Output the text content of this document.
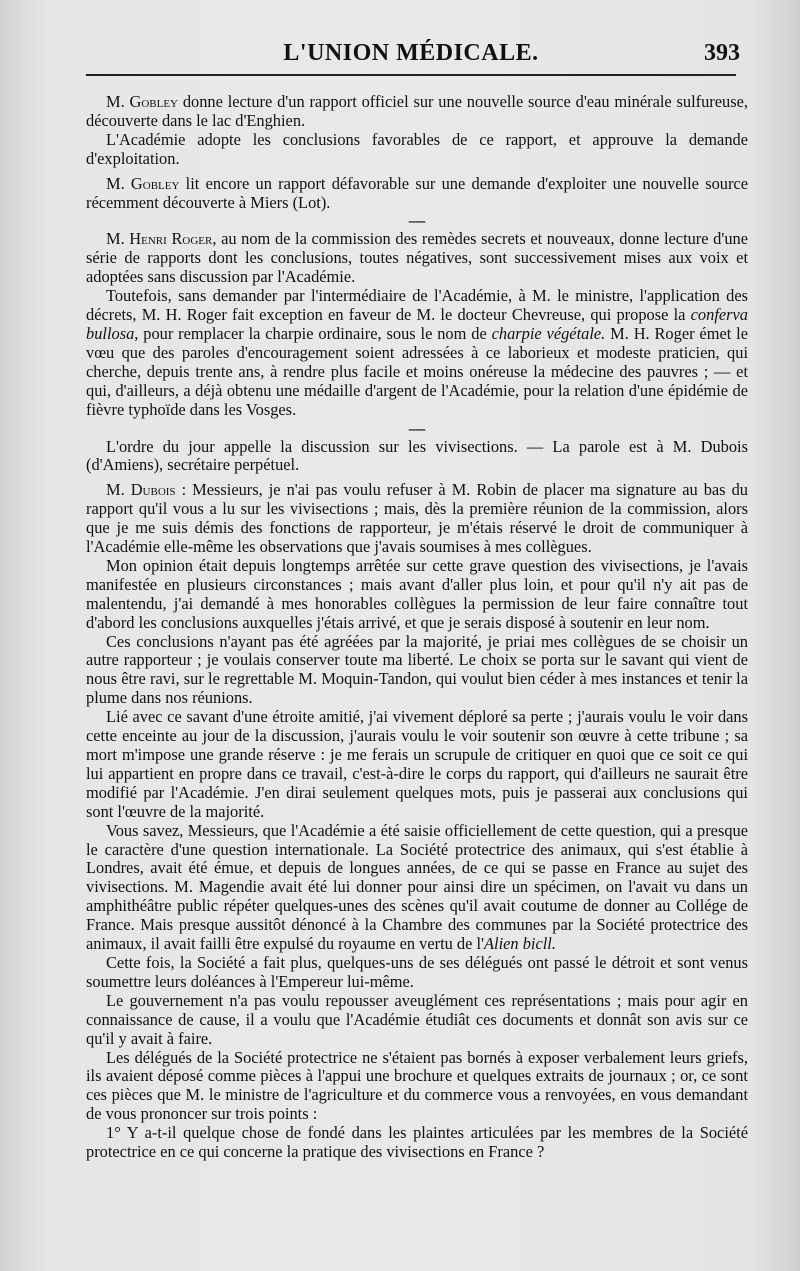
L'UNION MÉDICALE.	393

M. Gobley donne lecture d'un rapport officiel sur une nouvelle source d'eau minérale sulfureuse, découverte dans le lac d'Enghien.

L'Académie adopte les conclusions favorables de ce rapport, et approuve la demande d'exploitation.

M. Gobley lit encore un rapport défavorable sur une demande d'exploiter une nouvelle source récemment découverte à Miers (Lot).

—

M. Henri Roger, au nom de la commission des remèdes secrets et nouveaux, donne lecture d'une série de rapports dont les conclusions, toutes négatives, sont successivement mises aux voix et adoptées sans discussion par l'Académie.

Toutefois, sans demander par l'intermédiaire de l'Académie, à M. le ministre, l'application des décrets, M. H. Roger fait exception en faveur de M. le docteur Chevreuse, qui propose la conferva bullosa, pour remplacer la charpie ordinaire, sous le nom de charpie végétale. M. H. Roger émet le vœu que des paroles d'encouragement soient adressées à ce laborieux et modeste praticien, qui cherche, depuis trente ans, à rendre plus facile et moins onéreuse la médecine des pauvres ; — et qui, d'ailleurs, a déjà obtenu une médaille d'argent de l'Académie, pour la relation d'une épidémie de fièvre typhoïde dans les Vosges.

—

L'ordre du jour appelle la discussion sur les vivisections. — La parole est à M. Dubois (d'Amiens), secrétaire perpétuel.

M. Dubois : Messieurs, je n'ai pas voulu refuser à M. Robin de placer ma signature au bas du rapport qu'il vous a lu sur les vivisections ; mais, dès la première réunion de la commission, alors que je me suis démis des fonctions de rapporteur, je m'étais réservé le droit de communiquer à l'Académie elle-même les observations que j'avais soumises à mes collègues.

Mon opinion était depuis longtemps arrêtée sur cette grave question des vivisections, je l'avais manifestée en plusieurs circonstances ; mais avant d'aller plus loin, et pour qu'il n'y ait pas de malentendu, j'ai demandé à mes honorables collègues la permission de leur faire connaître tout d'abord les conclusions auxquelles j'étais arrivé, et que je serais disposé à soutenir en leur nom.

Ces conclusions n'ayant pas été agréées par la majorité, je priai mes collègues de se choisir un autre rapporteur ; je voulais conserver toute ma liberté. Le choix se porta sur le savant qui vient de nous être ravi, sur le regrettable M. Moquin-Tandon, qui voulut bien céder à mes instances et tenir la plume dans nos réunions.

Lié avec ce savant d'une étroite amitié, j'ai vivement déploré sa perte ; j'aurais voulu le voir dans cette enceinte au jour de la discussion, j'aurais voulu le voir soutenir son œuvre à cette tribune ; sa mort m'impose une grande réserve : je me ferais un scrupule de critiquer en quoi que ce soit ce qui lui appartient en propre dans ce travail, c'est-à-dire le corps du rapport, qui d'ailleurs ne saurait être modifié par l'Académie. J'en dirai seulement quelques mots, puis je passerai aux conclusions qui sont l'œuvre de la majorité.

Vous savez, Messieurs, que l'Académie a été saisie officiellement de cette question, qui a presque le caractère d'une question internationale. La Société protectrice des animaux, qui s'est établie à Londres, avait été émue, et depuis de longues années, de ce qui se passe en France au sujet des vivisections. M. Magendie avait été lui donner pour ainsi dire un spécimen, on l'avait vu dans un amphithéâtre public répéter quelques-unes des scènes qu'il avait coutume de donner au Collége de France. Mais presque aussitôt dénoncé à la Chambre des communes par la Société protectrice des animaux, il avait failli être expulsé du royaume en vertu de l'Alien bicll.

Cette fois, la Société a fait plus, quelques-uns de ses délégués ont passé le détroit et sont venus soumettre leurs doléances à l'Empereur lui-même.

Le gouvernement n'a pas voulu repousser aveuglément ces représentations ; mais pour agir en connaissance de cause, il a voulu que l'Académie étudiât ces documents et donnât son avis sur ce qu'il y avait à faire.

Les délégués de la Société protectrice ne s'étaient pas bornés à exposer verbalement leurs griefs, ils avaient déposé comme pièces à l'appui une brochure et quelques extraits de journaux ; or, ce sont ces pièces que M. le ministre de l'agriculture et du commerce vous a renvoyées, en vous demandant de vous prononcer sur trois points :

1° Y a-t-il quelque chose de fondé dans les plaintes articulées par les membres de la Société protectrice en ce qui concerne la pratique des vivisections en France ?
